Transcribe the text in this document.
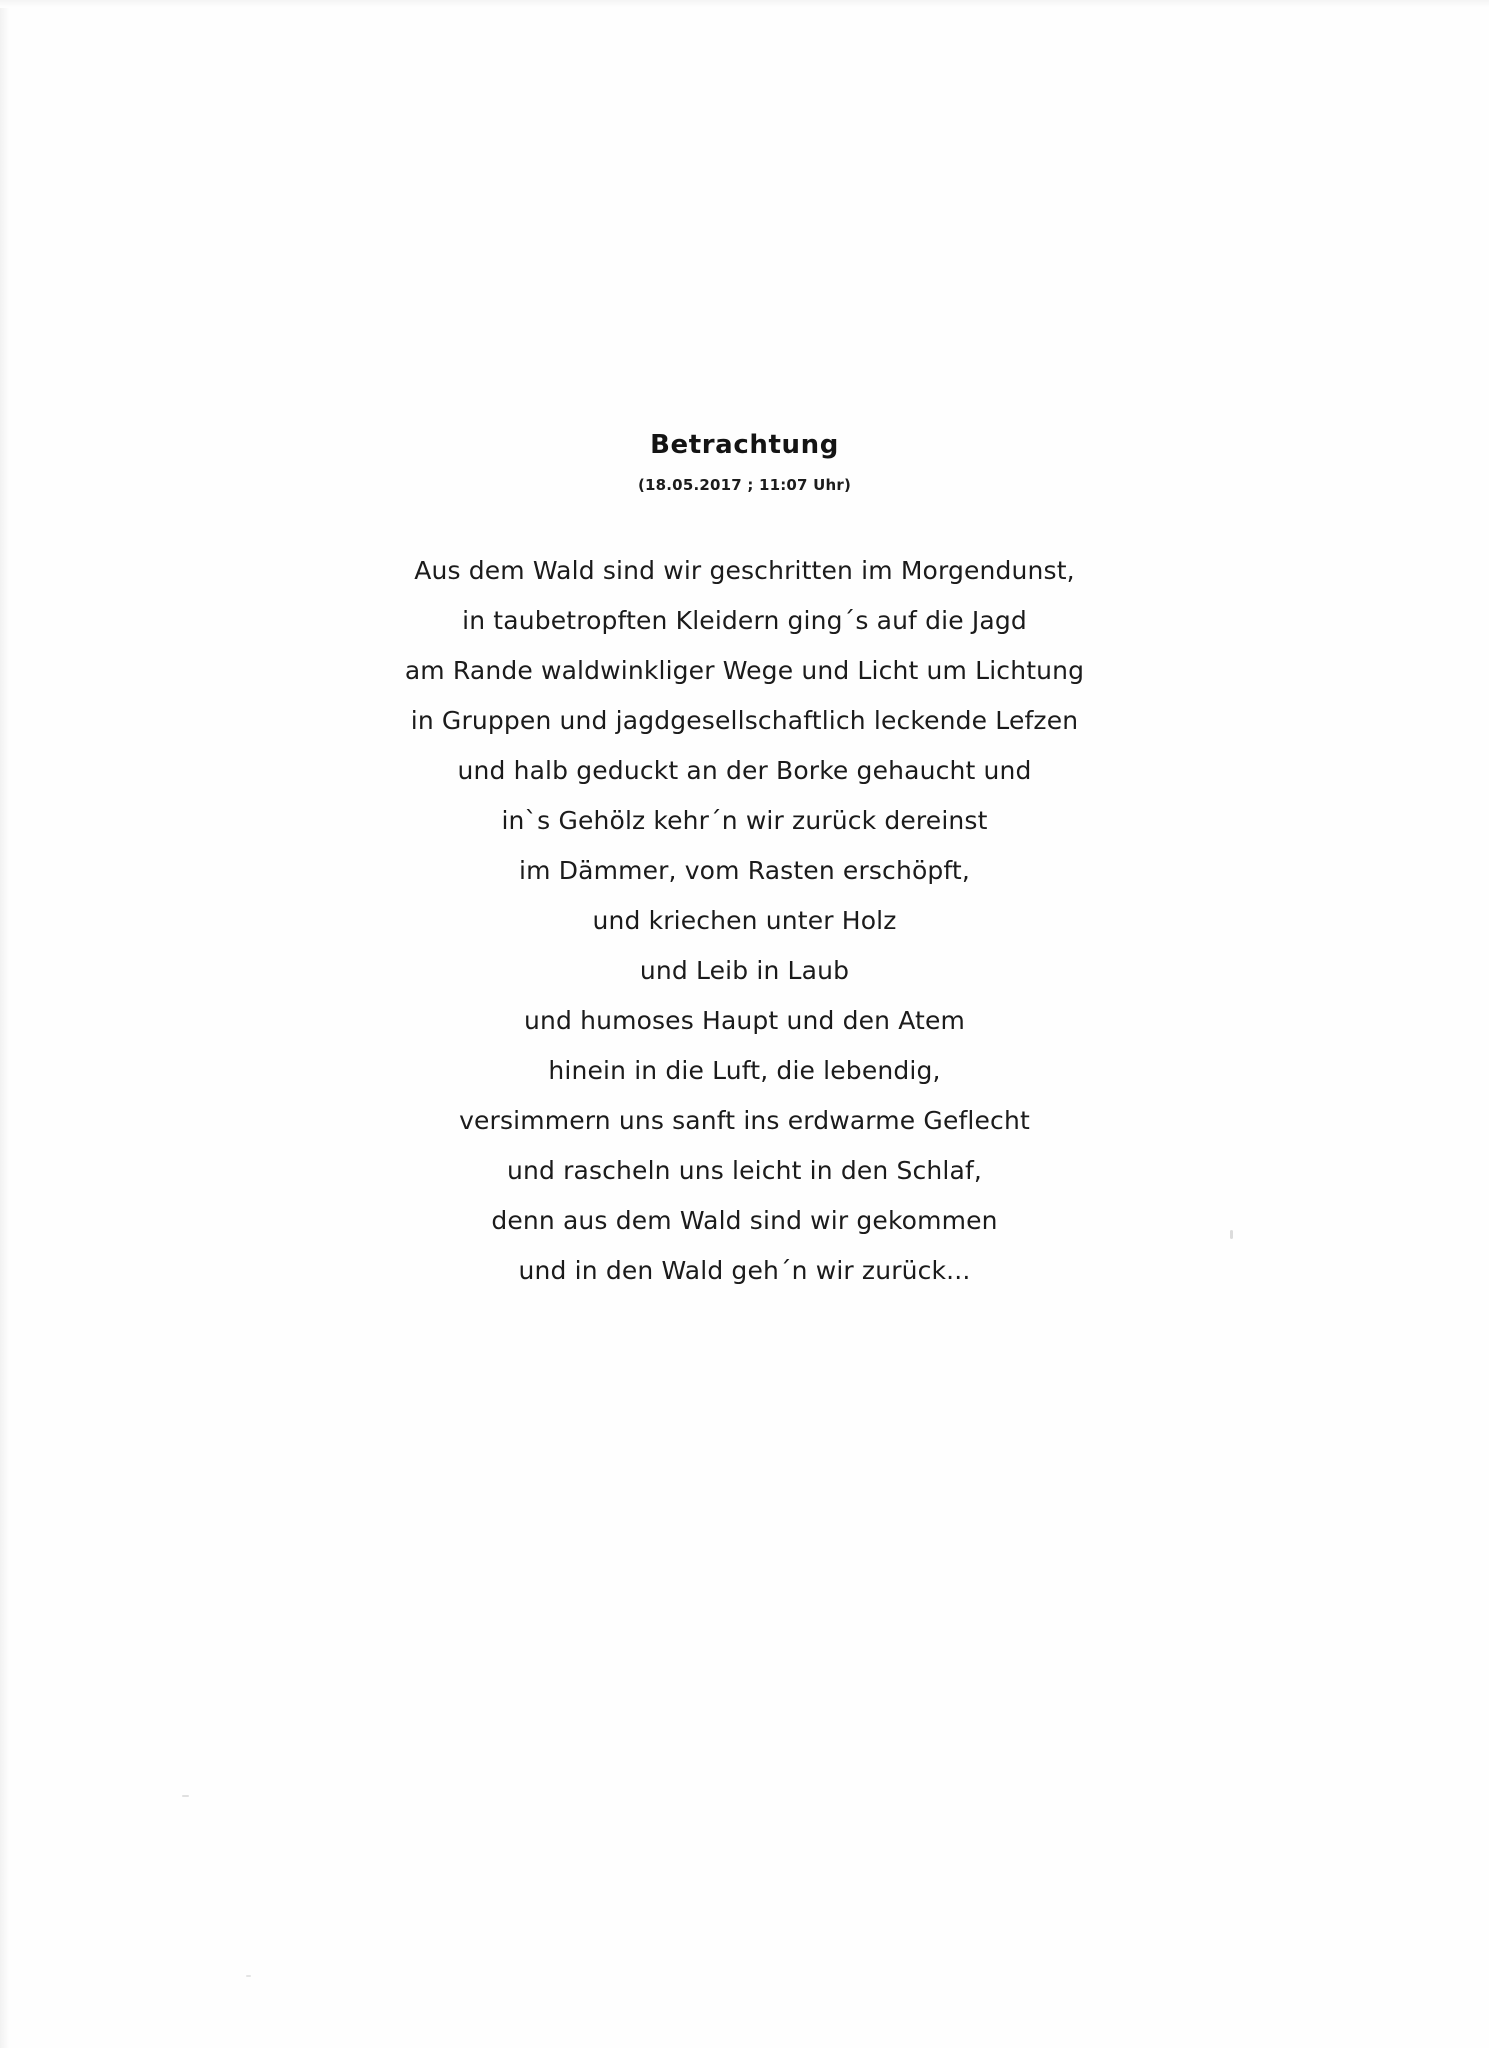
Betrachtung
(18.05.2017 ; 11:07 Uhr)
Aus dem Wald sind wir geschritten im Morgendunst,
in taubetropften Kleidern ging´s auf die Jagd
am Rande waldwinkliger Wege und Licht um Lichtung
in Gruppen und jagdgesellschaftlich leckende Lefzen
und halb geduckt an der Borke gehaucht und
in`s Gehölz kehr´n wir zurück dereinst
im Dämmer, vom Rasten erschöpft,
und kriechen unter Holz
und Leib in Laub
und humoses Haupt und den Atem
hinein in die Luft, die lebendig,
versimmern uns sanft ins erdwarme Geflecht
und rascheln uns leicht in den Schlaf,
denn aus dem Wald sind wir gekommen
und in den Wald geh´n wir zurück...
